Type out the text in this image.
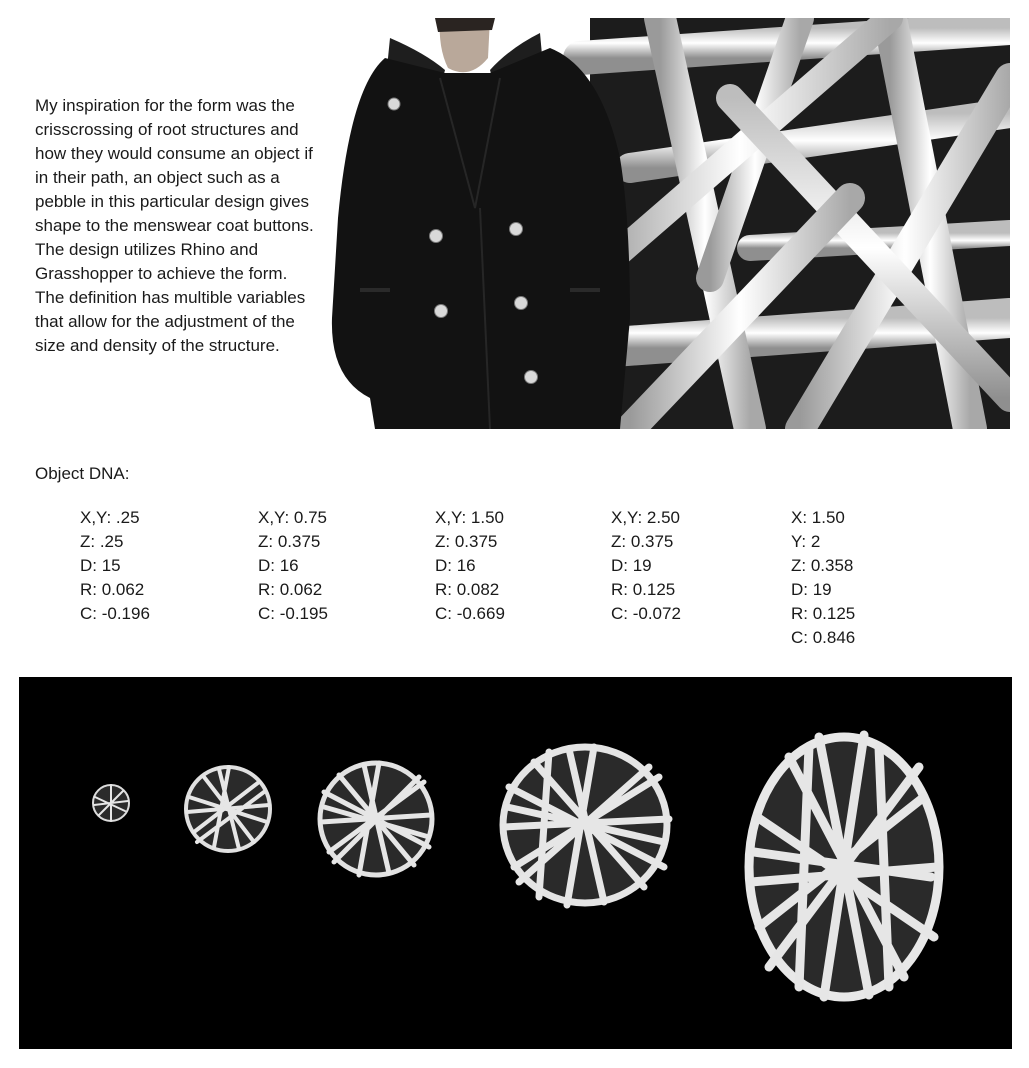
My inspiration for the form was the crisscrossing of root structures and how they would consume an object if in their path, an object such as a pebble in this particular design gives shape to the menswear coat buttons. The design utilizes Rhino and Grasshopper to achieve the form. The definition has multible variables that allow for the adjustment of the size and density of the structure.

Object DNA:
X,Y: .25
Z: .25
D: 15
R: 0.062
C: -0.196
X,Y: 0.75
Z: 0.375
D: 16
R: 0.062
C: -0.195
X,Y: 1.50
Z: 0.375
D: 16
R: 0.082
C: -0.669
X,Y: 2.50
Z: 0.375
D: 19
R: 0.125
C: -0.072
X: 1.50
Y: 2
Z: 0.358
D: 19
R: 0.125
C: 0.846
